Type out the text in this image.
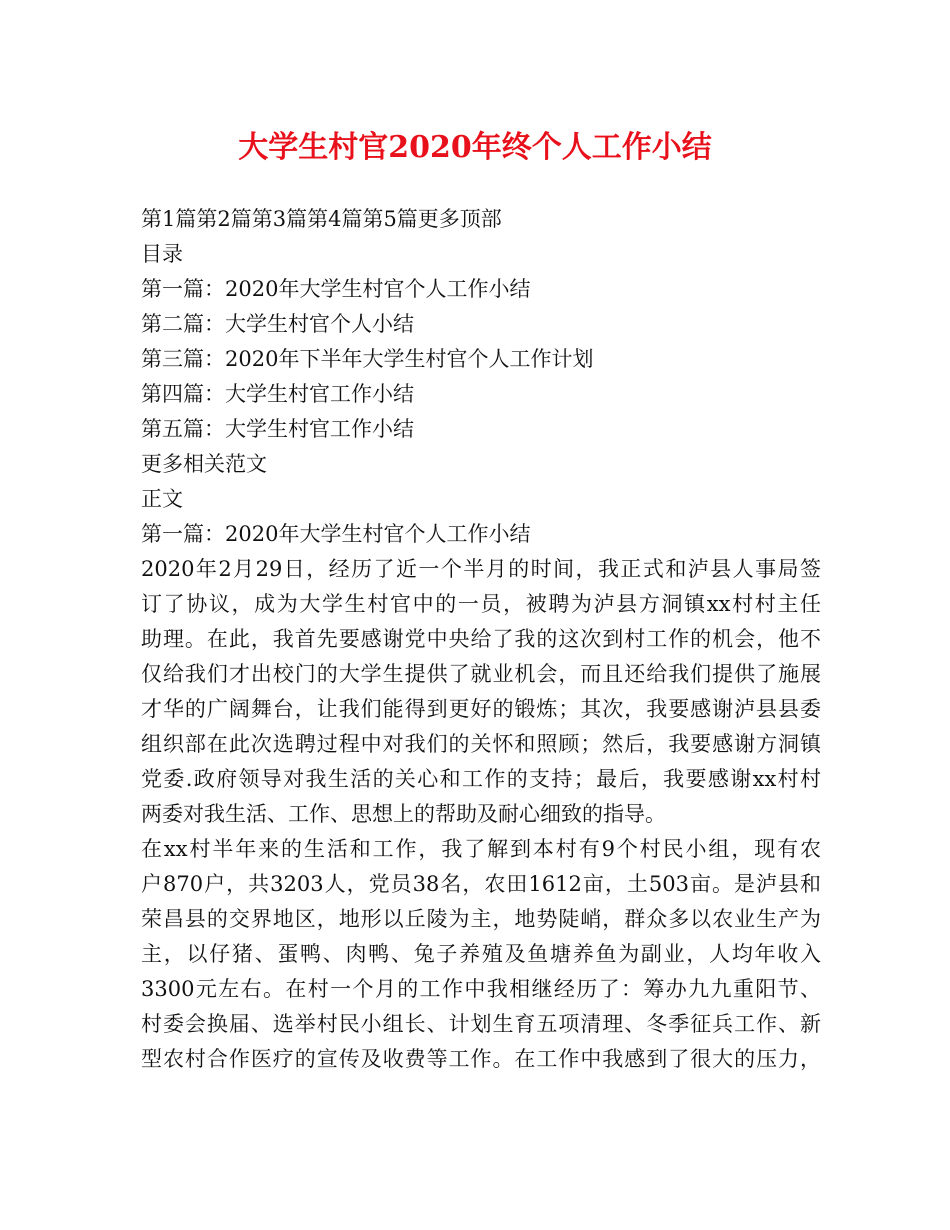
大学生村官2020年终个人工作小结
第1篇第2篇第3篇第4篇第5篇更多顶部
目录
第一篇：2020年大学生村官个人工作小结
第二篇：大学生村官个人小结
第三篇：2020年下半年大学生村官个人工作计划
第四篇：大学生村官工作小结
第五篇：大学生村官工作小结
更多相关范文
正文
第一篇：2020年大学生村官个人工作小结
2020年2月29日，经历了近一个半月的时间，我正式和泸县人事局签
订了协议，成为大学生村官中的一员，被聘为泸县方洞镇xx村村主任
助理。在此，我首先要感谢党中央给了我的这次到村工作的机会，他不
仅给我们才出校门的大学生提供了就业机会，而且还给我们提供了施展
才华的广阔舞台，让我们能得到更好的锻炼；其次，我要感谢泸县县委
组织部在此次选聘过程中对我们的关怀和照顾；然后，我要感谢方洞镇
党委.政府领导对我生活的关心和工作的支持；最后，我要感谢xx村村
两委对我生活、工作、思想上的帮助及耐心细致的指导。
在xx村半年来的生活和工作，我了解到本村有9个村民小组，现有农
户870户，共3203人，党员38名，农田1612亩，土503亩。是泸县和
荣昌县的交界地区，地形以丘陵为主，地势陡峭，群众多以农业生产为
主，以仔猪、蛋鸭、肉鸭、兔子养殖及鱼塘养鱼为副业，人均年收入
3300元左右。在村一个月的工作中我相继经历了：筹办九九重阳节、
村委会换届、选举村民小组长、计划生育五项清理、冬季征兵工作、新
型农村合作医疗的宣传及收费等工作。在工作中我感到了很大的压力，
